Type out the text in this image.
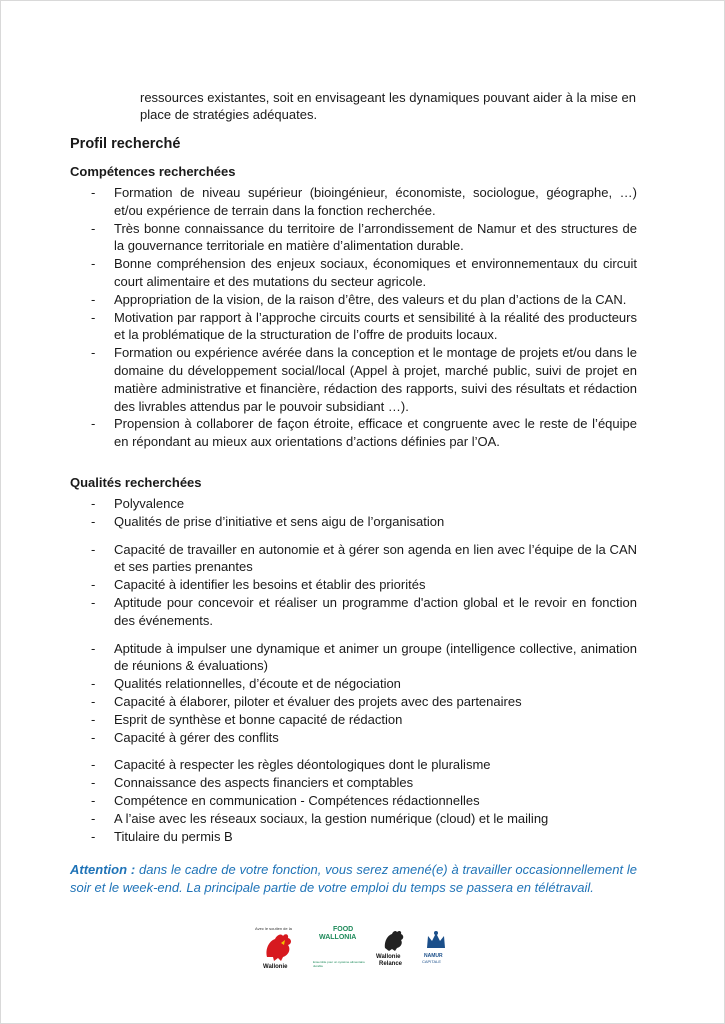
ressources existantes, soit en envisageant les dynamiques pouvant aider à la mise en place de stratégies adéquates.
Profil recherché
Compétences recherchées
- Formation de niveau supérieur (bioingénieur, économiste, sociologue, géographe, …) et/ou expérience de terrain dans la fonction recherchée.
- Très bonne connaissance du territoire de l’arrondissement de Namur et des structures de la gouvernance territoriale en matière d’alimentation durable.
- Bonne compréhension des enjeux sociaux, économiques et environnementaux du circuit court alimentaire et des mutations du secteur agricole.
- Appropriation de la vision, de la raison d’être, des valeurs et du plan d’actions de la CAN.
- Motivation par rapport à l’approche circuits courts et sensibilité à la réalité des producteurs et la problématique de la structuration de l’offre de produits locaux.
- Formation ou expérience avérée dans la conception et le montage de projets et/ou dans le domaine du développement social/local (Appel à projet, marché public, suivi de projet en matière administrative et financière, rédaction des rapports, suivi des résultats et rédaction des livrables attendus par le pouvoir subsidiant …).
- Propension à collaborer de façon étroite, efficace et congruente avec le reste de l’équipe en répondant au mieux aux orientations d’actions définies par l’OA.
Qualités recherchées
- Polyvalence
- Qualités de prise d’initiative et sens aigu de l’organisation
- Capacité de travailler en autonomie et à gérer son agenda en lien avec l’équipe de la CAN et ses parties prenantes
- Capacité à identifier les besoins et établir des priorités
- Aptitude pour concevoir et réaliser un programme d'action global et le revoir en fonction des événements.
- Aptitude à impulser une dynamique et animer un groupe (intelligence collective, animation de réunions & évaluations)
- Qualités relationnelles, d’écoute et de négociation
- Capacité à élaborer, piloter et évaluer des projets avec des partenaires
- Esprit de synthèse et bonne capacité de rédaction
- Capacité à gérer des conflits
- Capacité à respecter les règles déontologiques dont le pluralisme
- Connaissance des aspects financiers et comptables
- Compétence en communication - Compétences rédactionnelles
- A l’aise avec les réseaux sociaux, la gestion numérique (cloud) et le mailing
- Titulaire du permis B
Attention : dans le cadre de votre fonction, vous serez amené(e) à travailler occasionnellement le soir et le week-end. La principale partie de votre emploi du temps se passera en télétravail.
Avec le soutien de la
Wallonie
FOOD
WALLONIA
Ensemble pour un système alimentaire durable
Wallonie
Relance
NAMUR
CAPITALE
